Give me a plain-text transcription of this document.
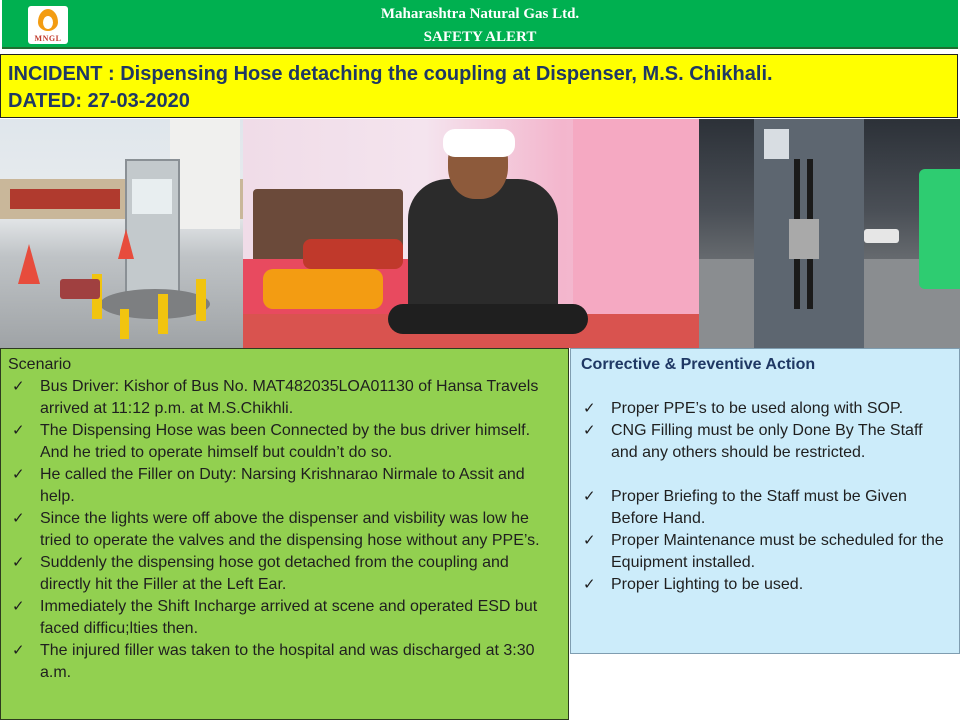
MNGL
Maharashtra Natural Gas Ltd.
SAFETY ALERT
INCIDENT : Dispensing Hose detaching the coupling at Dispenser, M.S. Chikhali.
DATED: 27-03-2020
Scenario
✓ Bus Driver: Kishor of Bus No. MAT482035LOA01130 of Hansa Travels arrived at 11:12 p.m. at M.S.Chikhli.
✓ The Dispensing Hose was been Connected by the bus driver himself. And he tried to operate himself but couldn’t do so.
✓ He called the Filler on Duty: Narsing Krishnarao Nirmale to Assit and help.
✓ Since the lights were off above the dispenser and visbility was low he tried to operate the valves and the dispensing hose without any PPE’s.
✓ Suddenly the dispensing hose got detached from the coupling and directly hit the Filler at the Left Ear.
✓ Immediately the Shift Incharge arrived at scene and operated ESD but faced difficu;lties then.
✓ The injured filler was taken to the hospital and was discharged at 3:30 a.m.
Corrective & Preventive Action
✓ Proper PPE’s to be used along with SOP.
✓ CNG Filling must be only Done By The Staff and any others should be restricted.
✓ Proper Briefing to the Staff must be Given Before Hand.
✓ Proper Maintenance must be scheduled for the Equipment installed.
✓ Proper Lighting to be used.
